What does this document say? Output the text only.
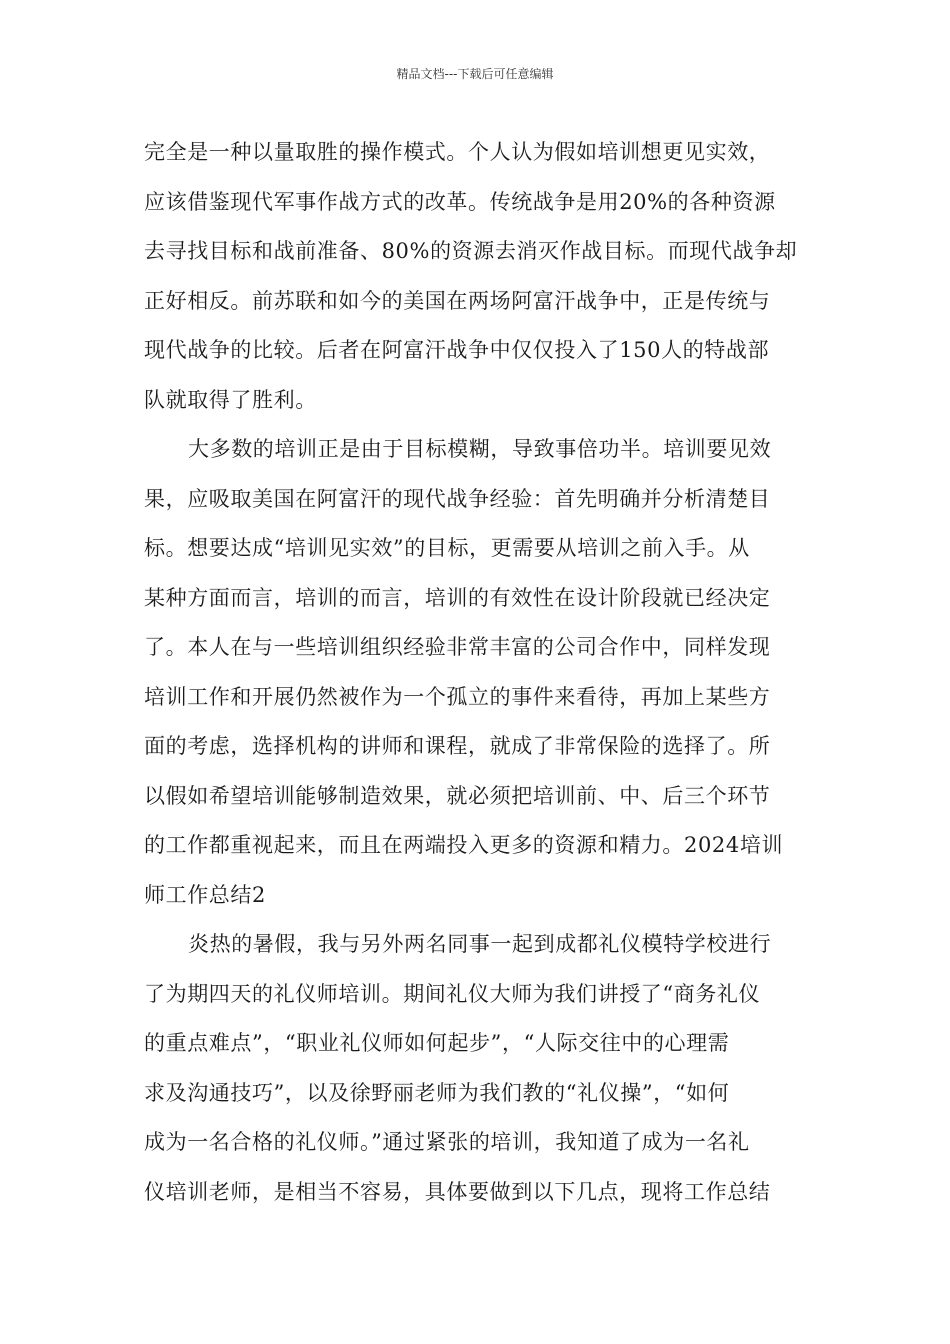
精品文档---下载后可任意编辑
完全是一种以量取胜的操作模式。个人认为假如培训想更见实效，
应该借鉴现代军事作战方式的改革。传统战争是用20%的各种资源
去寻找目标和战前准备、80%的资源去消灭作战目标。而现代战争却
正好相反。前苏联和如今的美国在两场阿富汗战争中，正是传统与
现代战争的比较。后者在阿富汗战争中仅仅投入了150人的特战部
队就取得了胜利。
大多数的培训正是由于目标模糊，导致事倍功半。培训要见效
果，应吸取美国在阿富汗的现代战争经验：首先明确并分析清楚目
标。想要达成“培训见实效”的目标，更需要从培训之前入手。从
某种方面而言，培训的而言，培训的有效性在设计阶段就已经决定
了。本人在与一些培训组织经验非常丰富的公司合作中，同样发现
培训工作和开展仍然被作为一个孤立的事件来看待，再加上某些方
面的考虑，选择机构的讲师和课程，就成了非常保险的选择了。所
以假如希望培训能够制造效果，就必须把培训前、中、后三个环节
的工作都重视起来，而且在两端投入更多的资源和精力。2024培训
师工作总结2
炎热的暑假，我与另外两名同事一起到成都礼仪模特学校进行
了为期四天的礼仪师培训。期间礼仪大师为我们讲授了“商务礼仪
的重点难点”，“职业礼仪师如何起步”，“人际交往中的心理需
求及沟通技巧”，以及徐野丽老师为我们教的“礼仪操”，“如何
成为一名合格的礼仪师。”通过紧张的培训，我知道了成为一名礼
仪培训老师，是相当不容易，具体要做到以下几点，现将工作总结
